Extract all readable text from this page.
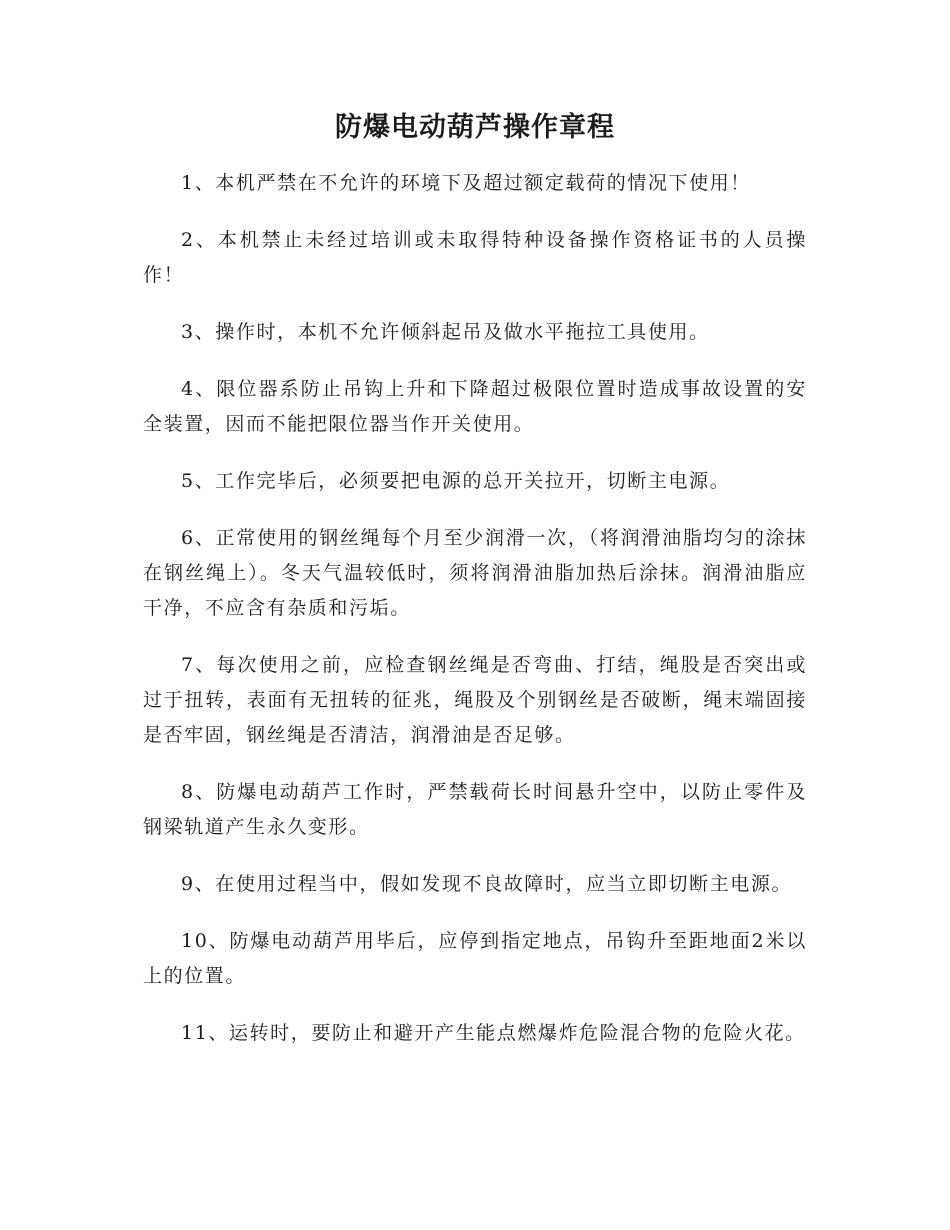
防爆电动葫芦操作章程

1、本机严禁在不允许的环境下及超过额定载荷的情况下使用！

2、本机禁止未经过培训或未取得特种设备操作资格证书的人员操作！

3、操作时，本机不允许倾斜起吊及做水平拖拉工具使用。

4、限位器系防止吊钩上升和下降超过极限位置时造成事故设置的安全装置，因而不能把限位器当作开关使用。

5、工作完毕后，必须要把电源的总开关拉开，切断主电源。

6、正常使用的钢丝绳每个月至少润滑一次，（将润滑油脂均匀的涂抹在钢丝绳上）。冬天气温较低时，须将润滑油脂加热后涂抹。润滑油脂应干净，不应含有杂质和污垢。

7、每次使用之前，应检查钢丝绳是否弯曲、打结，绳股是否突出或过于扭转，表面有无扭转的征兆，绳股及个别钢丝是否破断，绳末端固接是否牢固，钢丝绳是否清洁，润滑油是否足够。

8、防爆电动葫芦工作时，严禁载荷长时间悬升空中，以防止零件及钢梁轨道产生永久变形。

9、在使用过程当中，假如发现不良故障时，应当立即切断主电源。

10、防爆电动葫芦用毕后，应停到指定地点，吊钩升至距地面2米以上的位置。

11、运转时，要防止和避开产生能点燃爆炸危险混合物的危险火花。
